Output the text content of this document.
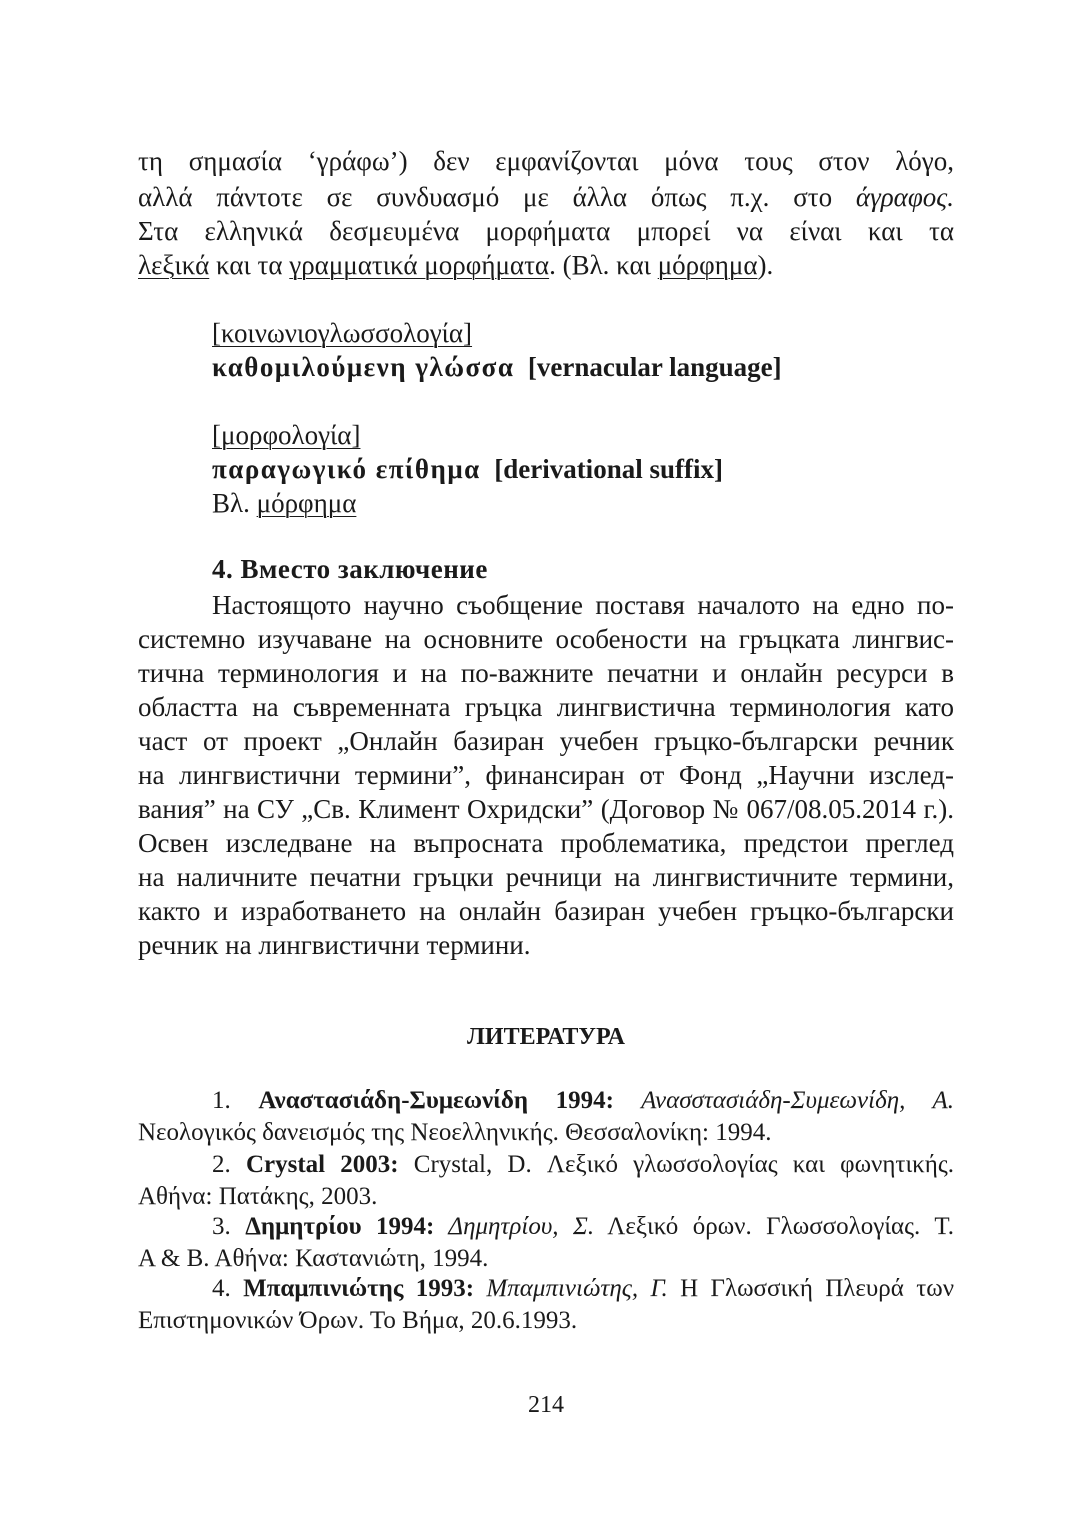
τη σημασία ‘γράφω’) δεν εμφανίζονται μόνα τους στον λόγο,
αλλά πάντοτε σε συνδυασμό με άλλα όπως π.χ. στο άγραφος.
Στα ελληνικά δεσμευμένα μορφήματα μπορεί να είναι και τα
λεξικά και τα γραμματικά μορφήματα. (Βλ. και μόρφημα).
[κοινωνιογλωσσολογία]
καθομιλούμενη γλώσσα [vernacular language]
[μορφολογία]
παραγωγικό επίθημα [derivational suffix]
Βλ. μόρφημα
4. Вместо заключение
Настоящото научно съобщение поставя началото на едно по-
системно изучаване на основните особености на гръцката лингвис-
тична терминология и на по-важните печатни и онлайн ресурси в
областта на съвременната гръцка лингвистична терминология като
част от проект „Онлайн базиран учебен гръцко-български речник
на лингвистични термини”, финансиран от Фонд „Научни изслед-
вания” на СУ „Св. Климент Охридски” (Договор № 067/08.05.2014 г.).
Освен изследване на въпросната проблематика, предстои преглед
на наличните печатни гръцки речници на лингвистичните термини,
както и изработването на онлайн базиран учебен гръцко-български
речник на лингвистични термини.
ЛИТЕРАТУРА
1. Αναστασιάδη-Συμεωνίδη 1994: Ανασστασιάδη-Συμεωνίδη, Α.
Νεολογικός δανεισμός της Νεοελληνικής. Θεσσαλονίκη: 1994.
2. Crystal 2003: Crystal, D. Λεξικό γλωσσολογίας και φωνητικής.
Αθήνα: Πατάκης, 2003.
3. Δημητρίου 1994: Δημητρίου, Σ. Λεξικό όρων. Γλωσσολογίας. Τ.
Α & Β. Αθήνα: Καστανιώτη, 1994.
4. Μπαμπινιώτης 1993: Μπαμπινιώτης, Γ. Η Γλωσσική Πλευρά των
Επιστημονικών Όρων. Το Βήμα, 20.6.1993.
214
